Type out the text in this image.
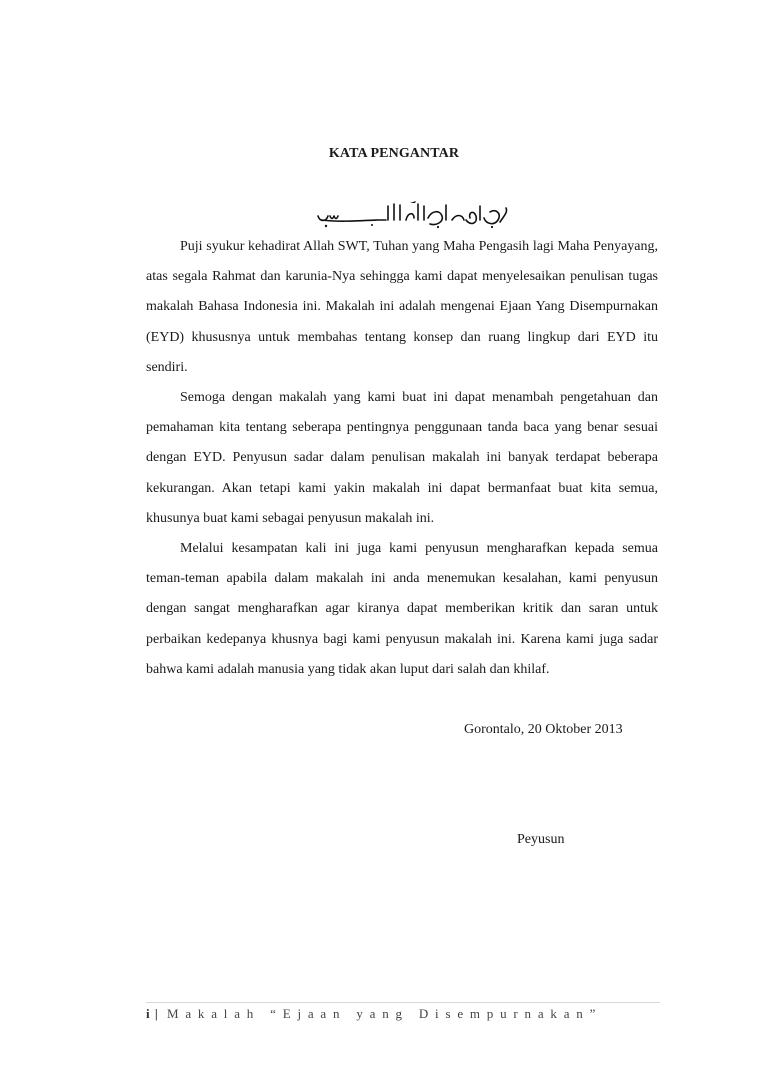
KATA PENGANTAR

Puji syukur kehadirat Allah SWT, Tuhan yang Maha Pengasih lagi Maha Penyayang, atas segala Rahmat dan karunia-Nya sehingga kami dapat menyelesaikan penulisan tugas makalah Bahasa Indonesia ini. Makalah ini adalah mengenai Ejaan Yang Disempurnakan (EYD) khususnya untuk membahas tentang konsep dan ruang lingkup dari EYD itu sendiri.

Semoga dengan makalah yang kami buat ini dapat menambah pengetahuan dan pemahaman kita tentang seberapa pentingnya penggunaan tanda baca yang benar sesuai dengan EYD. Penyusun sadar dalam penulisan makalah ini banyak terdapat beberapa kekurangan. Akan tetapi kami yakin makalah ini dapat bermanfaat buat kita semua, khusunya buat kami sebagai penyusun makalah ini.

Melalui kesampatan kali ini juga kami penyusun mengharafkan kepada semua teman-teman apabila dalam makalah ini anda menemukan kesalahan, kami penyusun dengan sangat mengharafkan agar kiranya dapat memberikan kritik dan saran untuk perbaikan kedepanya khusnya bagi kami penyusun makalah ini. Karena kami juga sadar bahwa kami adalah manusia yang tidak akan luput dari salah dan khilaf.

Gorontalo, 20 Oktober 2013
Peyusun
i | Makalah “Ejaan yang Disempurnakan”
